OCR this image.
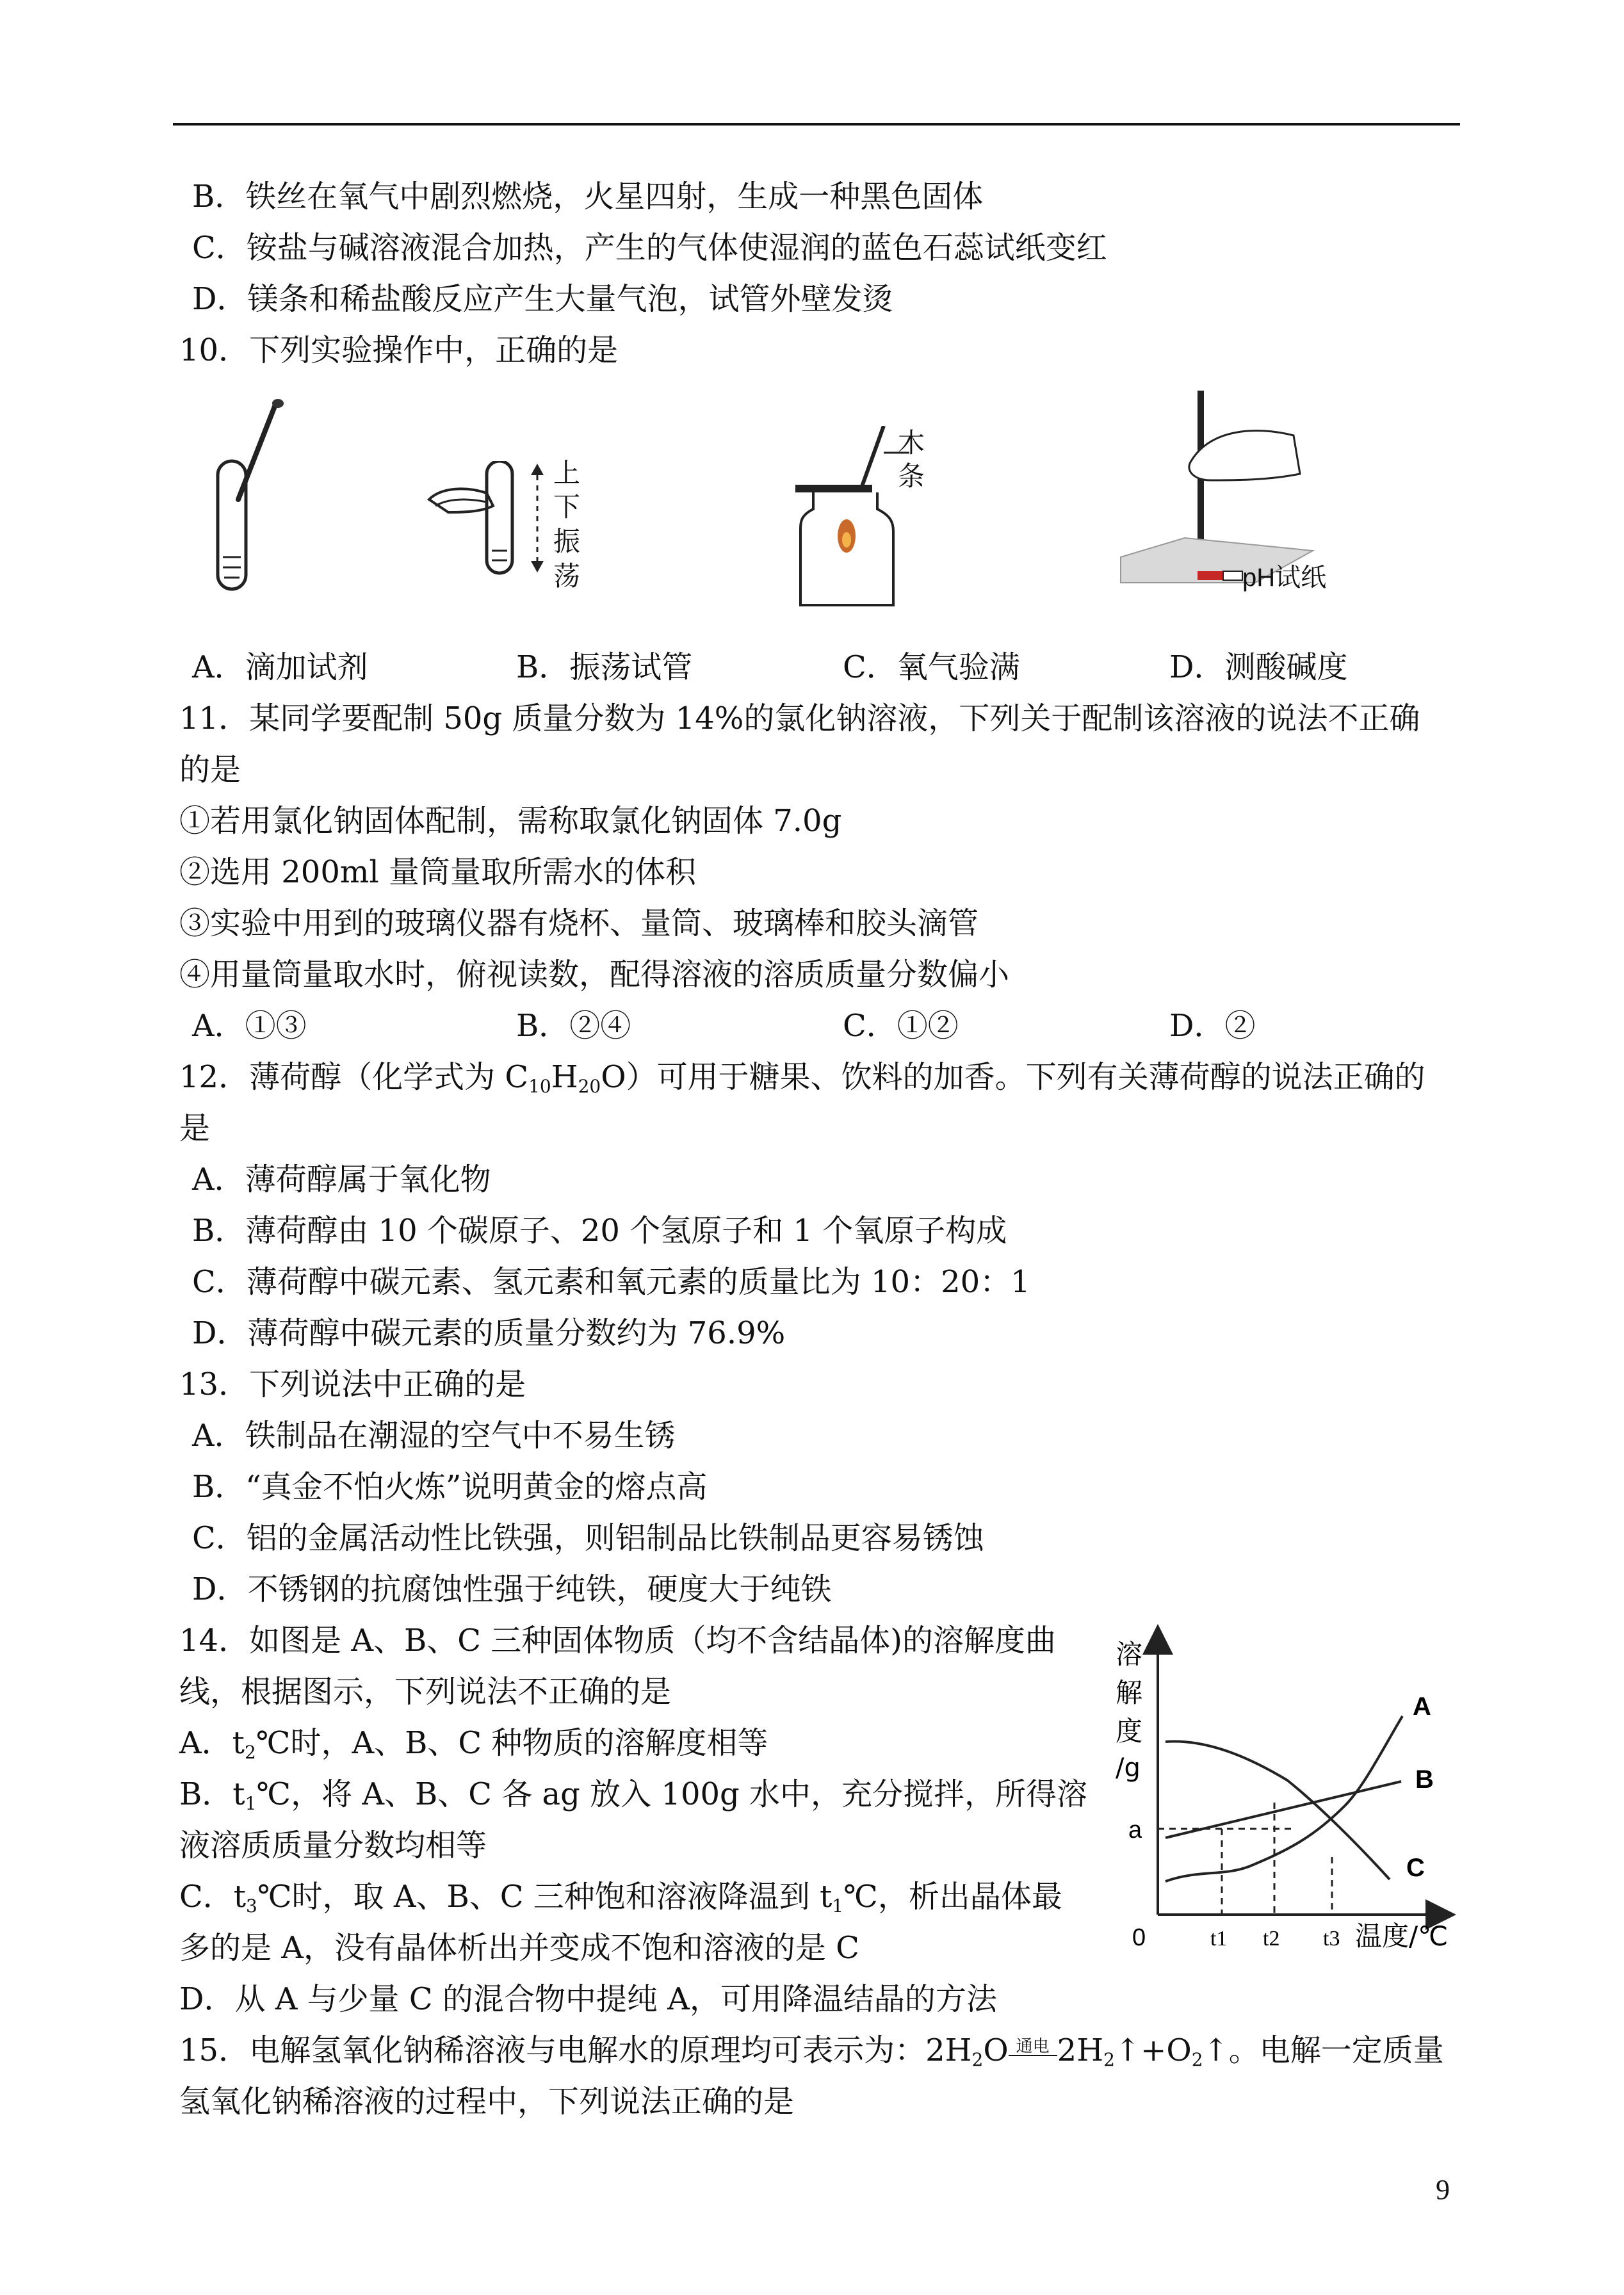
B．铁丝在氧气中剧烈燃烧，火星四射，生成一种黑色固体
C．铵盐与碱溶液混合加热，产生的气体使湿润的蓝色石蕊试纸变红
D．镁条和稀盐酸反应产生大量气泡，试管外壁发烫
10．下列实验操作中，正确的是
上
下
振
荡
木
条
pH试纸
A．滴加试剂	B．振荡试管	C．氧气验满	D．测酸碱度
11．某同学要配制 50g 质量分数为 14%的氯化钠溶液，下列关于配制该溶液的说法不正确
的是
①若用氯化钠固体配制，需称取氯化钠固体 7.0g
②选用 200ml 量筒量取所需水的体积
③实验中用到的玻璃仪器有烧杯、量筒、玻璃棒和胶头滴管
④用量筒量取水时，俯视读数，配得溶液的溶质质量分数偏小
A．①③	B．②④	C．①②	D．②
12．薄荷醇（化学式为 $C_{10}H_{20}O$）可用于糖果、饮料的加香。下列有关薄荷醇的说法正确的
是
A．薄荷醇属于氧化物
B．薄荷醇由 10 个碳原子、20 个氢原子和 1 个氧原子构成
C．薄荷醇中碳元素、氢元素和氧元素的质量比为 10：20：1
D．薄荷醇中碳元素的质量分数约为 76.9%
13．下列说法中正确的是
A．铁制品在潮湿的空气中不易生锈
B．“真金不怕火炼”说明黄金的熔点高
C．铝的金属活动性比铁强，则铝制品比铁制品更容易锈蚀
D．不锈钢的抗腐蚀性强于纯铁，硬度大于纯铁
14．如图是 A、B、C 三种固体物质（均不含结晶体)的溶解度曲
线，根据图示，下列说法不正确的是
A．$t_2℃$时，A、B、C 种物质的溶解度相等
B．$t_1℃$，将 A、B、C 各 ag 放入 100g 水中，充分搅拌，所得溶
液溶质质量分数均相等
C．$t_3℃$时，取 A、B、C 三种饱和溶液降温到 $t_1℃$，析出晶体最
多的是 A，没有晶体析出并变成不饱和溶液的是 C
D．从 A 与少量 C 的混合物中提纯 A，可用降温结晶的方法
溶
解
度
/g
0
a
t1 t2 t3 温度/℃
A
B
C
15．电解氢氧化钠稀溶液与电解水的原理均可表示为：$2H_2O$ 通电 $2H_2↑+O_2↑$。电解一定质量
氢氧化钠稀溶液的过程中，下列说法正确的是
9
